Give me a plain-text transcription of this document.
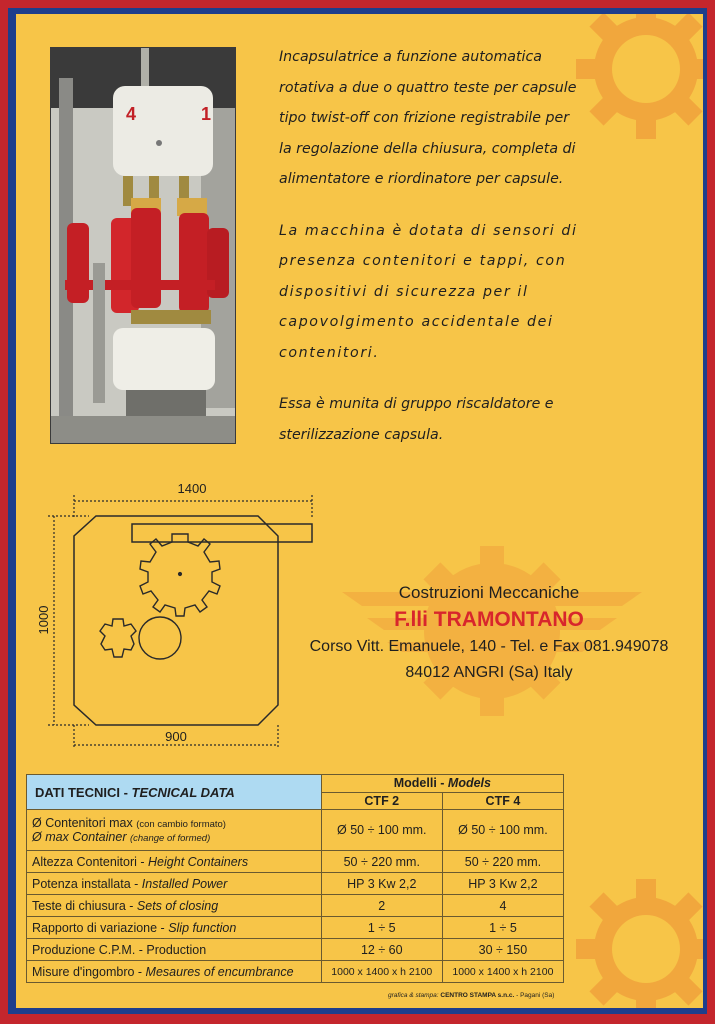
4	1

Incapsulatrice a funzione automatica rotativa a due o quattro teste per capsule tipo twist-off con frizione registrabile per la regolazione della chiusura, completa di alimentatore e riordinatore per capsule.

La macchina è dotata di sensori di presenza contenitori e tappi, con dispositivi di sicurezza per il capovolgimento accidentale dei contenitori.

Essa è munita di gruppo riscaldatore e sterilizzazione capsula.

1400
1000
900
Costruzioni Meccaniche
F.lli TRAMONTANO
Corso Vitt. Emanuele, 140 - Tel. e Fax 081.949078
84012 ANGRI (Sa) Italy
DATI TECNICI - TECNICAL DATA	Modelli - Models	
	CTF 2	CTF 4

Ø Contenitori max (con cambio formato)
Ø max Container (change of formed)	Ø 50 ÷ 100 mm.	Ø 50 ÷ 100 mm.
Altezza Contenitori - Height Containers	50 ÷ 220 mm.	50 ÷ 220 mm.
Potenza installata - Installed Power	HP 3 Kw 2,2	HP 3 Kw 2,2
Teste di chiusura - Sets of closing	2	4
Rapporto di variazione - Slip function	1 ÷ 5	1 ÷ 5
Produzione C.P.M. - Production	12 ÷ 60	30 ÷ 150
Misure d'ingombro - Mesaures of encumbrance	1000 x 1400 x h 2100	1000 x 1400 x h 2100
grafica & stampa: CENTRO STAMPA s.n.c. - Pagani (Sa)
